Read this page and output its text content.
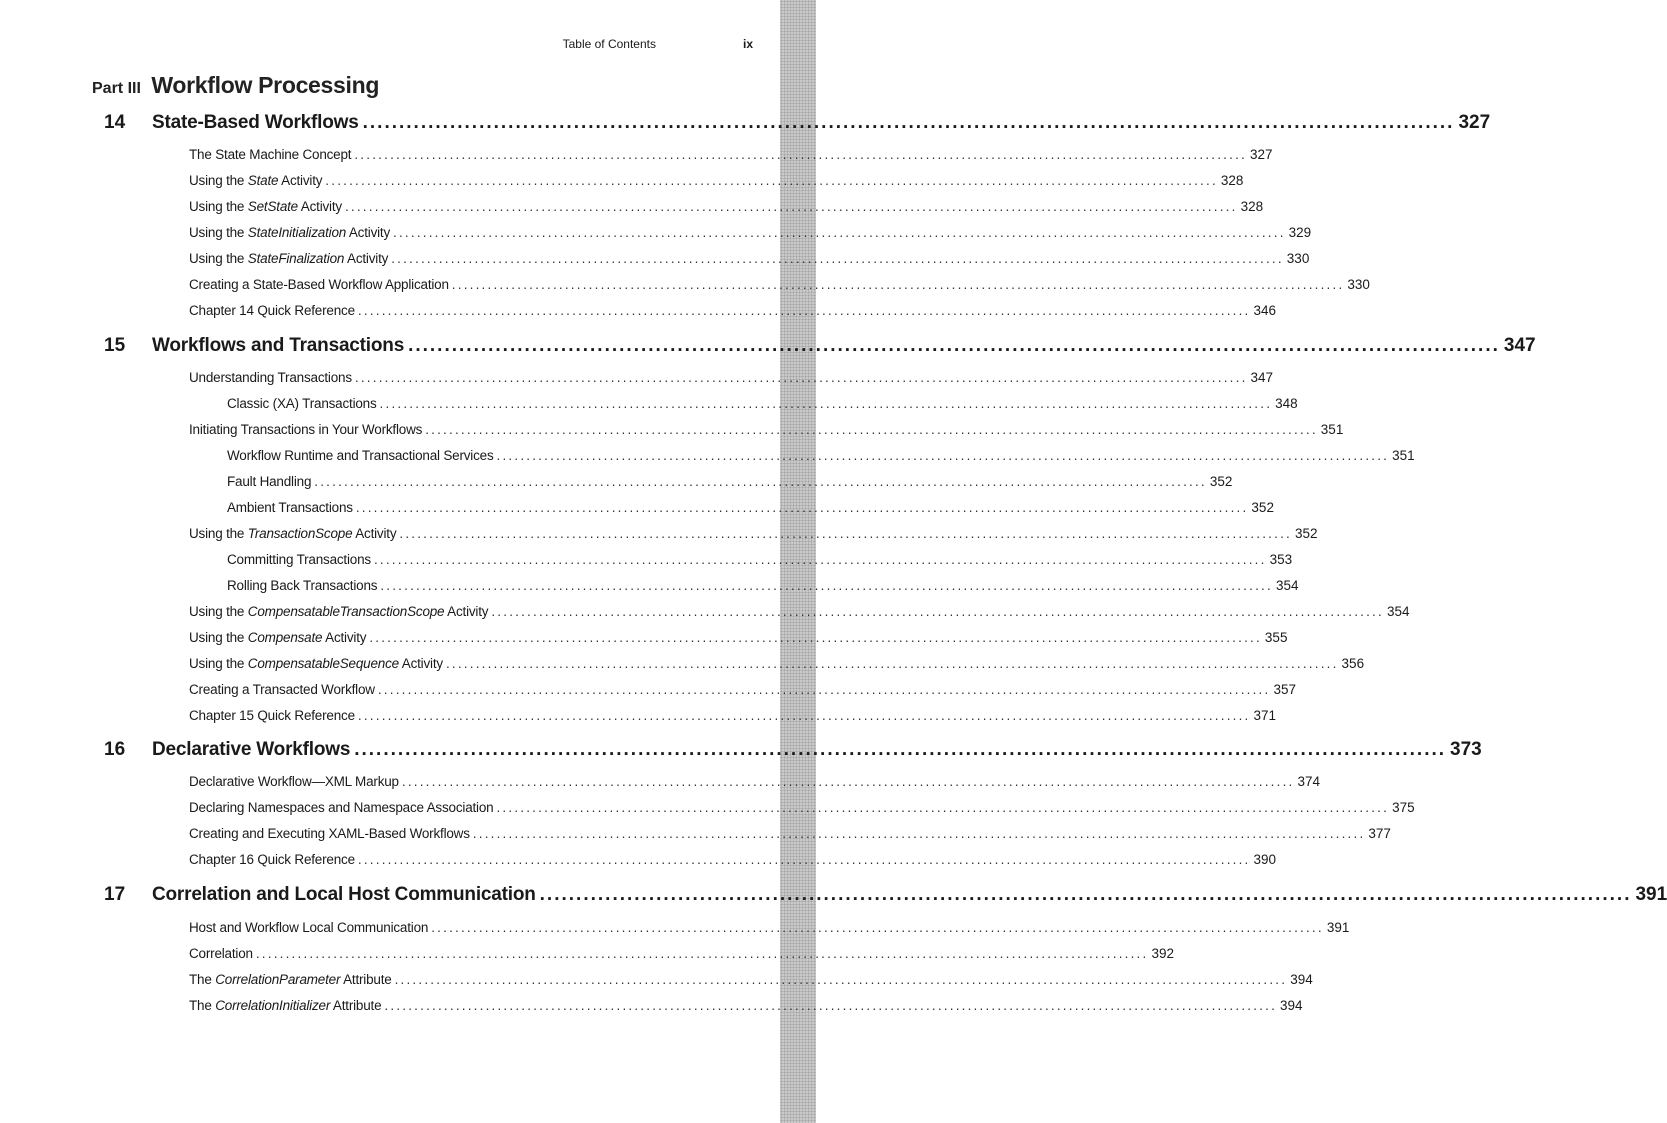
Table of Contents	ix
Part III Workflow Processing
14 State-Based Workflows ...................................................................................................................................................... 327
The State Machine Concept ...................................................................................................................................................... 327
Using the State Activity ...................................................................................................................................................... 328
Using the SetState Activity ...................................................................................................................................................... 328
Using the StateInitialization Activity ...................................................................................................................................................... 329
Using the StateFinalization Activity ...................................................................................................................................................... 330
Creating a State-Based Workflow Application ...................................................................................................................................................... 330
Chapter 14 Quick Reference ...................................................................................................................................................... 346
15 Workflows and Transactions ...................................................................................................................................................... 347
Understanding Transactions ...................................................................................................................................................... 347
Classic (XA) Transactions ...................................................................................................................................................... 348
Initiating Transactions in Your Workflows ...................................................................................................................................................... 351
Workflow Runtime and Transactional Services ...................................................................................................................................................... 351
Fault Handling ...................................................................................................................................................... 352
Ambient Transactions ...................................................................................................................................................... 352
Using the TransactionScope Activity ...................................................................................................................................................... 352
Committing Transactions ...................................................................................................................................................... 353
Rolling Back Transactions ...................................................................................................................................................... 354
Using the CompensatableTransactionScope Activity ...................................................................................................................................................... 354
Using the Compensate Activity ...................................................................................................................................................... 355
Using the CompensatableSequence Activity ...................................................................................................................................................... 356
Creating a Transacted Workflow ...................................................................................................................................................... 357
Chapter 15 Quick Reference ...................................................................................................................................................... 371
16 Declarative Workflows ...................................................................................................................................................... 373
Declarative Workflow—XML Markup ...................................................................................................................................................... 374
Declaring Namespaces and Namespace Association ...................................................................................................................................................... 375
Creating and Executing XAML-Based Workflows ...................................................................................................................................................... 377
Chapter 16 Quick Reference ...................................................................................................................................................... 390
17 Correlation and Local Host Communication ...................................................................................................................................................... 391
Host and Workflow Local Communication ...................................................................................................................................................... 391
Correlation ...................................................................................................................................................... 392
The CorrelationParameter Attribute ...................................................................................................................................................... 394
The CorrelationInitializer Attribute ...................................................................................................................................................... 394
